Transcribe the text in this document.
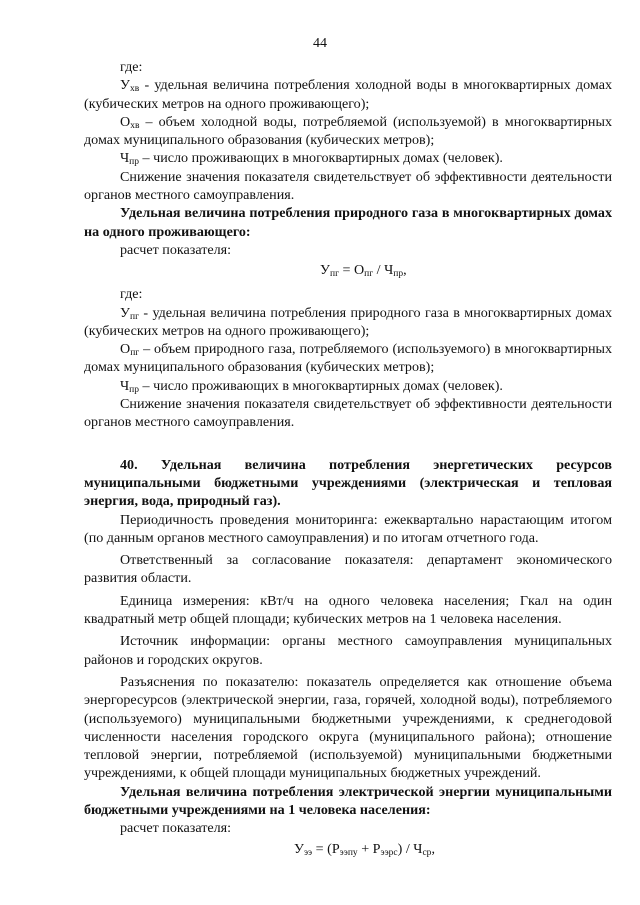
44

где:

$У_{хв}$ - удельная величина потребления холодной воды в многоквартирных домах (кубических метров на одного проживающего);

$О_{хв}$ – объем холодной воды, потребляемой (используемой) в многоквартирных домах муниципального образования (кубических метров);

$Ч_{пр}$ – число проживающих в многоквартирных домах (человек).

Снижение значения показателя свидетельствует об эффективности деятельности органов местного самоуправления.

Удельная величина потребления природного газа в многоквартирных домах на одного проживающего:

расчет показателя:

$У_{пг} = О_{пг} / Ч_{пр}$,

где:

$У_{пг}$ - удельная величина потребления природного газа в многоквартирных домах (кубических метров на одного проживающего);

$О_{пг}$ – объем природного газа, потребляемого (используемого) в многоквартирных домах муниципального образования (кубических метров);

$Ч_{пр}$ – число проживающих в многоквартирных домах (человек).

Снижение значения показателя свидетельствует об эффективности деятельности органов местного самоуправления.

40. Удельная величина потребления энергетических ресурсов муниципальными бюджетными учреждениями (электрическая и тепловая энергия, вода, природный газ).

Периодичность проведения мониторинга: ежеквартально нарастающим итогом (по данным органов местного самоуправления) и по итогам отчетного года.

Ответственный за согласование показателя: департамент экономического развития области.

Единица измерения: кВт/ч на одного человека населения; Гкал на один квадратный метр общей площади; кубических метров на 1 человека населения.

Источник информации: органы местного самоуправления муниципальных районов и городских округов.

Разъяснения по показателю: показатель определяется как отношение объема энергоресурсов (электрической энергии, газа, горячей, холодной воды), потребляемого (используемого) муниципальными бюджетными учреждениями, к среднегодовой численности населения городского округа (муниципального района); отношение тепловой энергии, потребляемой (используемой) муниципальными бюджетными учреждениями, к общей площади муниципальных бюджетных учреждений.

Удельная величина потребления электрической энергии муниципальными бюджетными учреждениями на 1 человека населения:

расчет показателя:

$У_{ээ} = (Р_{ээпу} + Р_{ээрс}) / Ч_{ср}$,
